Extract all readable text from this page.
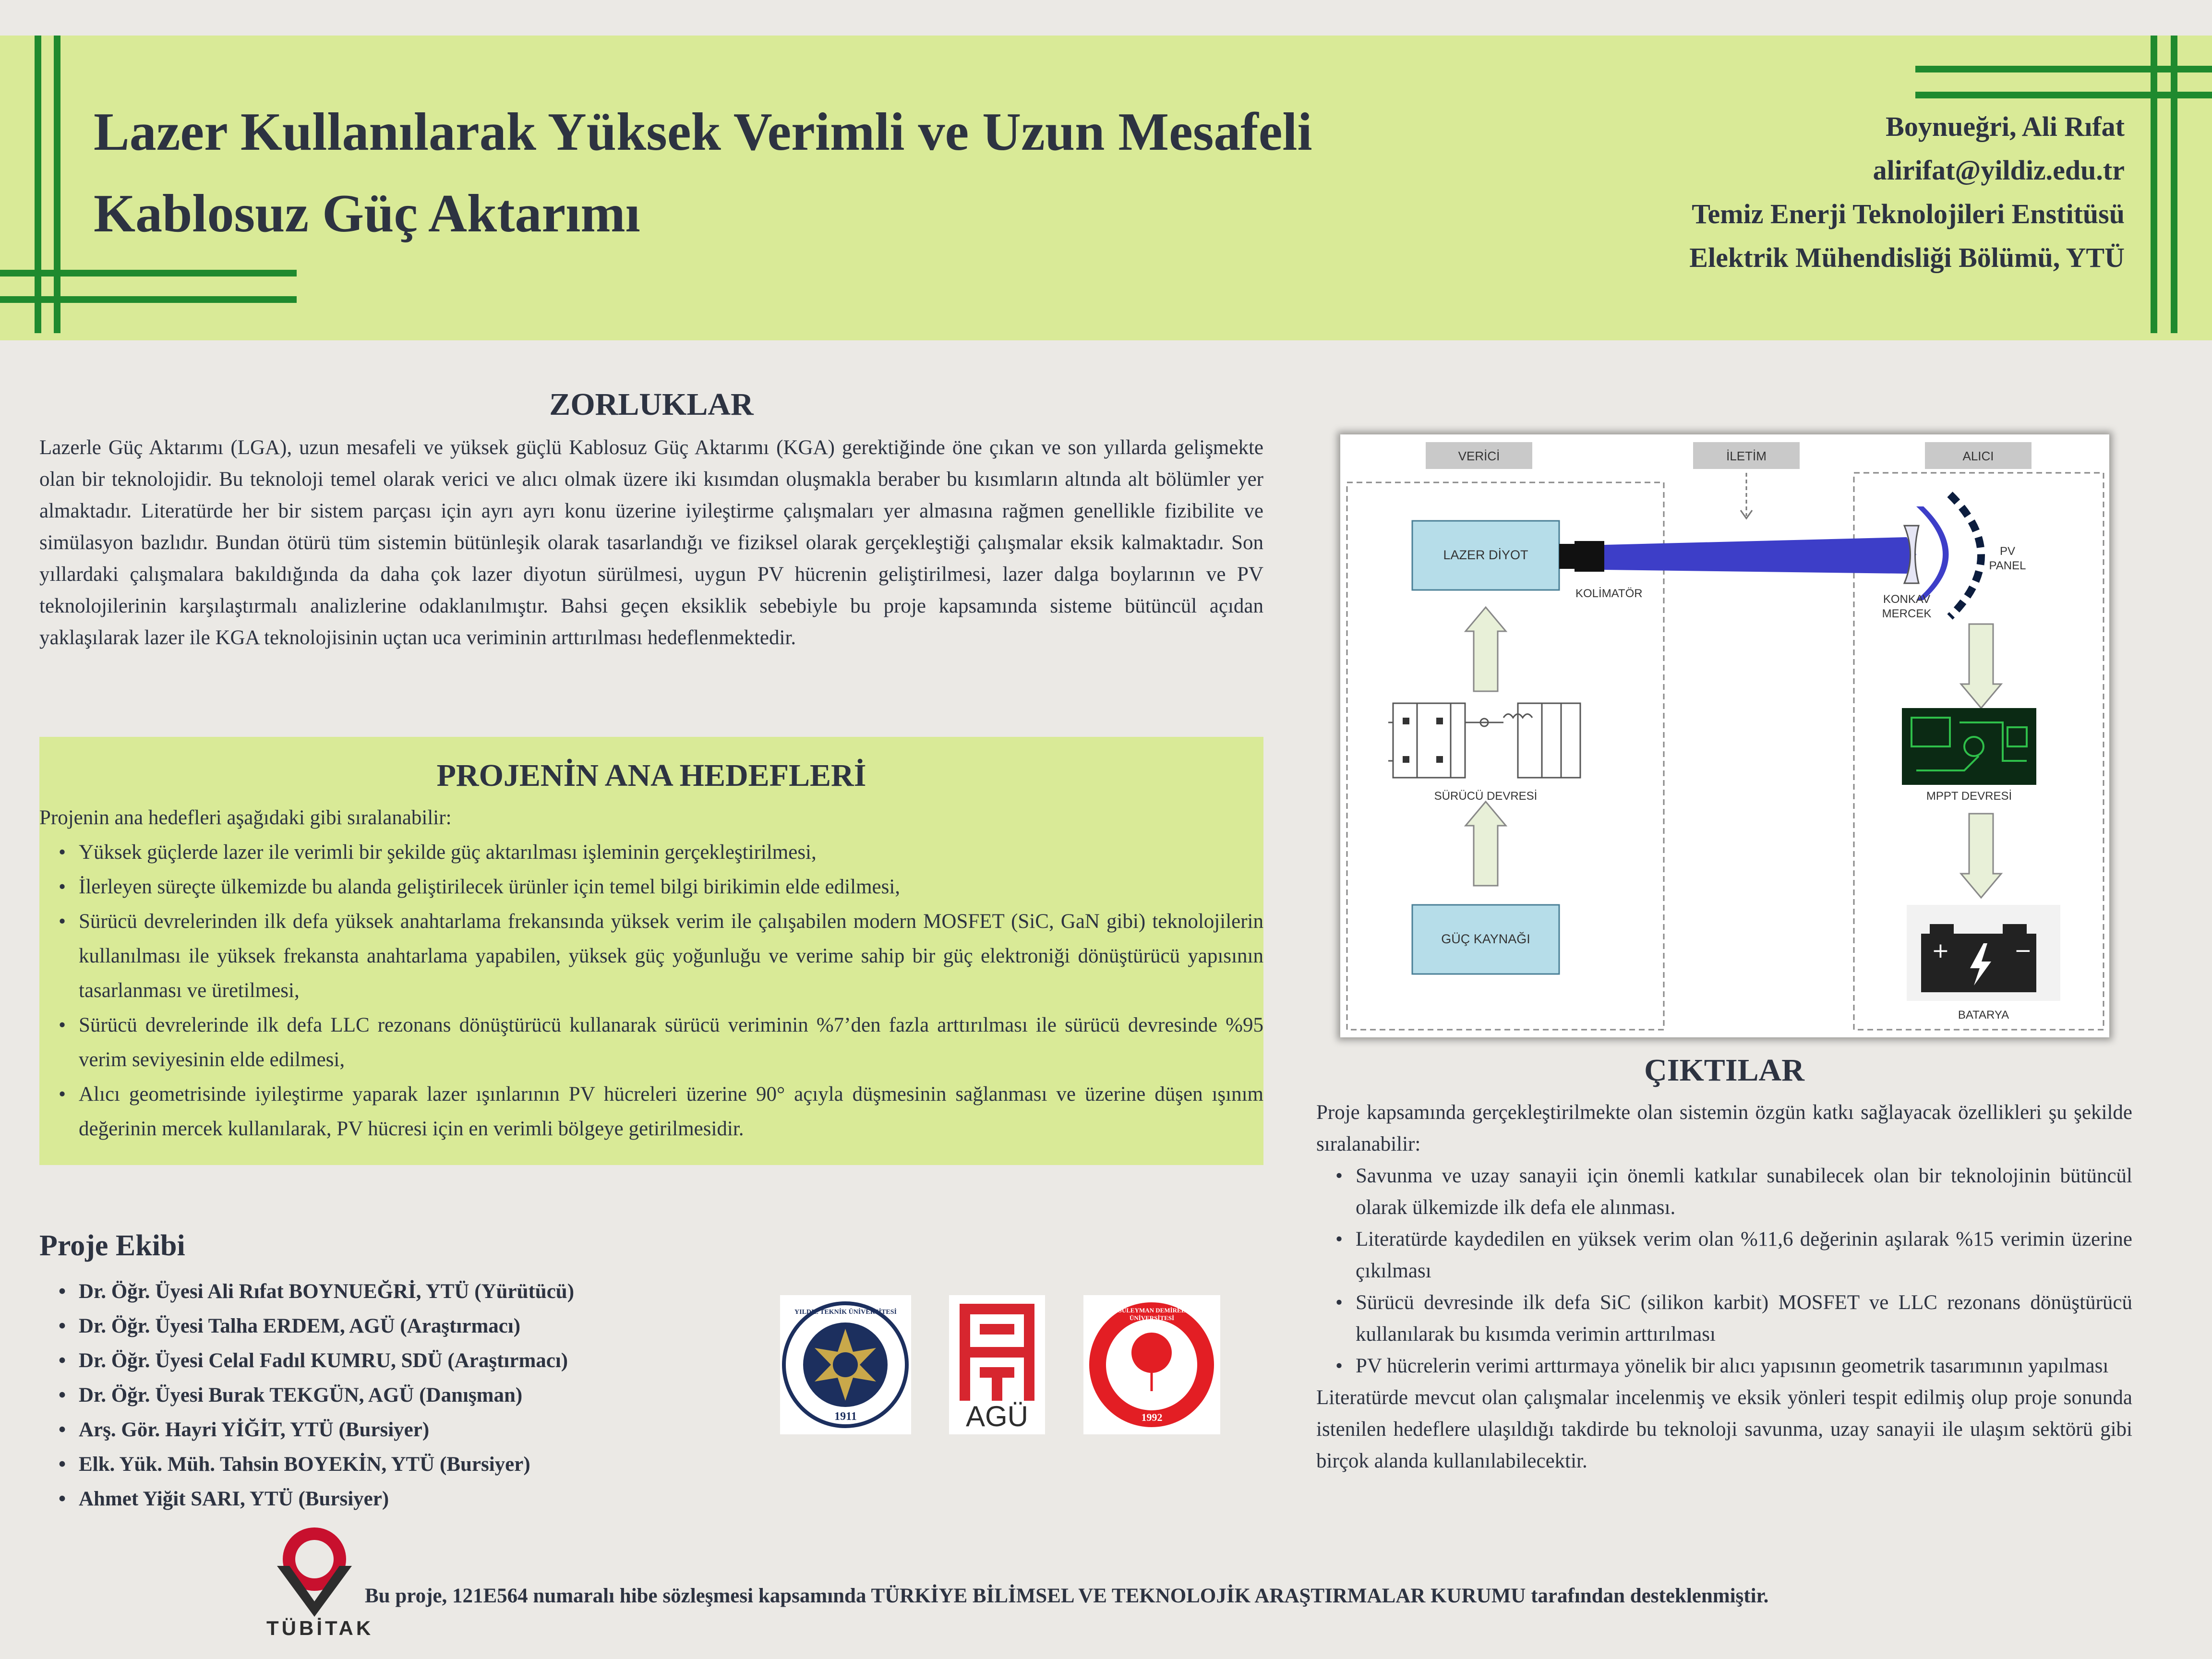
Lazer Kullanılarak Yüksek Verimli ve Uzun Mesafeli
Kablosuz Güç Aktarımı
Boynueğri, Ali Rıfat
alirifat@yildiz.edu.tr
Temiz Enerji Teknolojileri Enstitüsü
Elektrik Mühendisliği Bölümü, YTÜ
ZORLUKLAR
Lazerle Güç Aktarımı (LGA), uzun mesafeli ve yüksek güçlü Kablosuz Güç Aktarımı (KGA) gerektiğinde öne çıkan ve son yıllarda gelişmekte olan bir teknolojidir. Bu teknoloji temel olarak verici ve alıcı olmak üzere iki kısımdan oluşmakla beraber bu kısımların altında alt bölümler yer almaktadır. Literatürde her bir sistem parçası için ayrı ayrı konu üzerine iyileştirme çalışmaları yer almasına rağmen genellikle fizibilite ve simülasyon bazlıdır. Bundan ötürü tüm sistemin bütünleşik olarak tasarlandığı ve fiziksel olarak gerçekleştiği çalışmalar eksik kalmaktadır. Son yıllardaki çalışmalara bakıldığında da daha çok lazer diyotun sürülmesi, uygun PV hücrenin geliştirilmesi, lazer dalga boylarının ve PV teknolojilerinin karşılaştırmalı analizlerine odaklanılmıştır. Bahsi geçen eksiklik sebebiyle bu proje kapsamında sisteme bütüncül açıdan yaklaşılarak lazer ile KGA teknolojisinin uçtan uca veriminin arttırılması hedeflenmektedir.
PROJENİN ANA HEDEFLERİ
Projenin ana hedefleri aşağıdaki gibi sıralanabilir:
• Yüksek güçlerde lazer ile verimli bir şekilde güç aktarılması işleminin gerçekleştirilmesi,
• İlerleyen süreçte ülkemizde bu alanda geliştirilecek ürünler için temel bilgi birikimin elde edilmesi,
• Sürücü devrelerinden ilk defa yüksek anahtarlama frekansında yüksek verim ile çalışabilen modern MOSFET (SiC, GaN gibi) teknolojilerin kullanılması ile yüksek frekansta anahtarlama yapabilen, yüksek güç yoğunluğu ve verime sahip bir güç elektroniği dönüştürücü yapısının tasarlanması ve üretilmesi,
• Sürücü devrelerinde ilk defa LLC rezonans dönüştürücü kullanarak sürücü veriminin %7’den fazla arttırılması ile sürücü devresinde %95 verim seviyesinin elde edilmesi,
• Alıcı geometrisinde iyileştirme yaparak lazer ışınlarının PV hücreleri üzerine 90° açıyla düşmesinin sağlanması ve üzerine düşen ışınım değerinin mercek kullanılarak, PV hücresi için en verimli bölgeye getirilmesidir.
+	−
VERİCİ	İLETİM	ALICI
LAZER DİYOT
KOLİMATÖR	KONKAV
MERCEK
PV
PANEL
SÜRÜCÜ DEVRESİ	MPPT DEVRESİ
GÜÇ KAYNAĞI
BATARYA
ÇIKTILAR
Proje kapsamında gerçekleştirilmekte olan sistemin özgün katkı sağlayacak özellikleri şu şekilde sıralanabilir:
• Savunma ve uzay sanayii için önemli katkılar sunabilecek olan bir teknolojinin bütüncül olarak ülkemizde ilk defa ele alınması.
• Literatürde kaydedilen en yüksek verim olan %11,6 değerinin aşılarak %15 verimin üzerine çıkılması
• Sürücü devresinde ilk defa SiC (silikon karbit) MOSFET ve LLC rezonans dönüştürücü kullanılarak bu kısımda verimin arttırılması
• PV hücrelerin verimi arttırmaya yönelik bir alıcı yapısının geometrik tasarımının yapılması
Literatürde mevcut olan çalışmalar incelenmiş ve eksik yönleri tespit edilmiş olup proje sonunda istenilen hedeflere ulaşıldığı takdirde bu teknoloji savunma, uzay sanayii ile ulaşım sektörü gibi birçok alanda kullanılabilecektir.
Proje Ekibi
• Dr. Öğr. Üyesi Ali Rıfat BOYNUEĞRİ, YTÜ (Yürütücü)
• Dr. Öğr. Üyesi Talha ERDEM, AGÜ (Araştırmacı)
• Dr. Öğr. Üyesi Celal Fadıl KUMRU, SDÜ (Araştırmacı)
• Dr. Öğr. Üyesi Burak TEKGÜN, AGÜ (Danışman)
• Arş. Gör. Hayri YİĞİT, YTÜ (Bursiyer)
• Elk. Yük. Müh. Tahsin BOYEKİN, YTÜ (Bursiyer)
• Ahmet Yiğit SARI, YTÜ (Bursiyer)
1911
YILDIZ TEKNİK ÜNİVERSİTESİ
AGÜ	1992
SÜLEYMAN DEMİREL ÜNİVERSİTESİ
TÜBİTAK
Bu proje, 121E564 numaralı hibe sözleşmesi kapsamında TÜRKİYE BİLİMSEL VE TEKNOLOJİK ARAŞTIRMALAR KURUMU tarafından desteklenmiştir.
